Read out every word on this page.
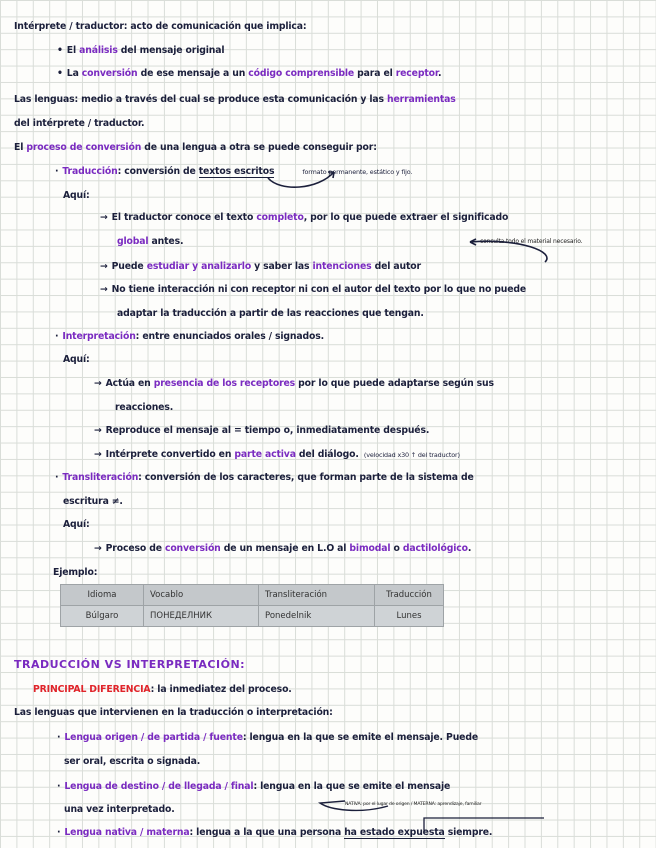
Intérprete / traductor: acto de comunicación que implica:
• El análisis del mensaje original
• La conversión de ese mensaje a un código comprensible para el receptor.
Las lenguas: medio a través del cual se produce esta comunicación y las herramientas
del intérprete / traductor.
El proceso de conversión de una lengua a otra se puede conseguir por:
· Traducción: conversión de textos escritos	formato permanente, estático y fijo.
Aquí:
→ El traductor conoce el texto completo, por lo que puede extraer el significado
global antes.
→ Puede estudiar y analizarlo y saber las intenciones del autor
→ No tiene interacción ni con receptor ni con el autor del texto por lo que no puede
adaptar la traducción a partir de las reacciones que tengan.
· Interpretación: entre enunciados orales / signados.
Aquí:
→ Actúa en presencia de los receptores por lo que puede adaptarse según sus
reacciones.
→ Reproduce el mensaje al = tiempo o, inmediatamente después.
→ Intérprete convertido en parte activa del diálogo. (velocidad x30 ↑ del traductor)
· Transliteración: conversión de los caracteres, que forman parte de la sistema de
escritura ≠.
Aquí:
→ Proceso de conversión de un mensaje en L.O al bimodal o dactilológico.
Ejemplo:
TRADUCCIÓN VS INTERPRETACIÓN:
PRINCIPAL DIFERENCIA: la inmediatez del proceso.
Las lenguas que intervienen en la traducción o interpretación:
· Lengua origen / de partida / fuente: lengua en la que se emite el mensaje. Puede
ser oral, escrita o signada.
· Lengua de destino / de llegada / final: lengua en la que se emite el mensaje
una vez interpretado.
· Lengua nativa / materna: lengua a la que una persona ha estado expuesta siempre.
consulta todo el material necesario.
NATIVA: por el lugar de origen / MATERNA: aprendizaje, familiar
Idioma	Vocablo	Transliteración	Traducción
Búlgaro	ПОНЕДЕЛНИК	Ponedelnik	Lunes
